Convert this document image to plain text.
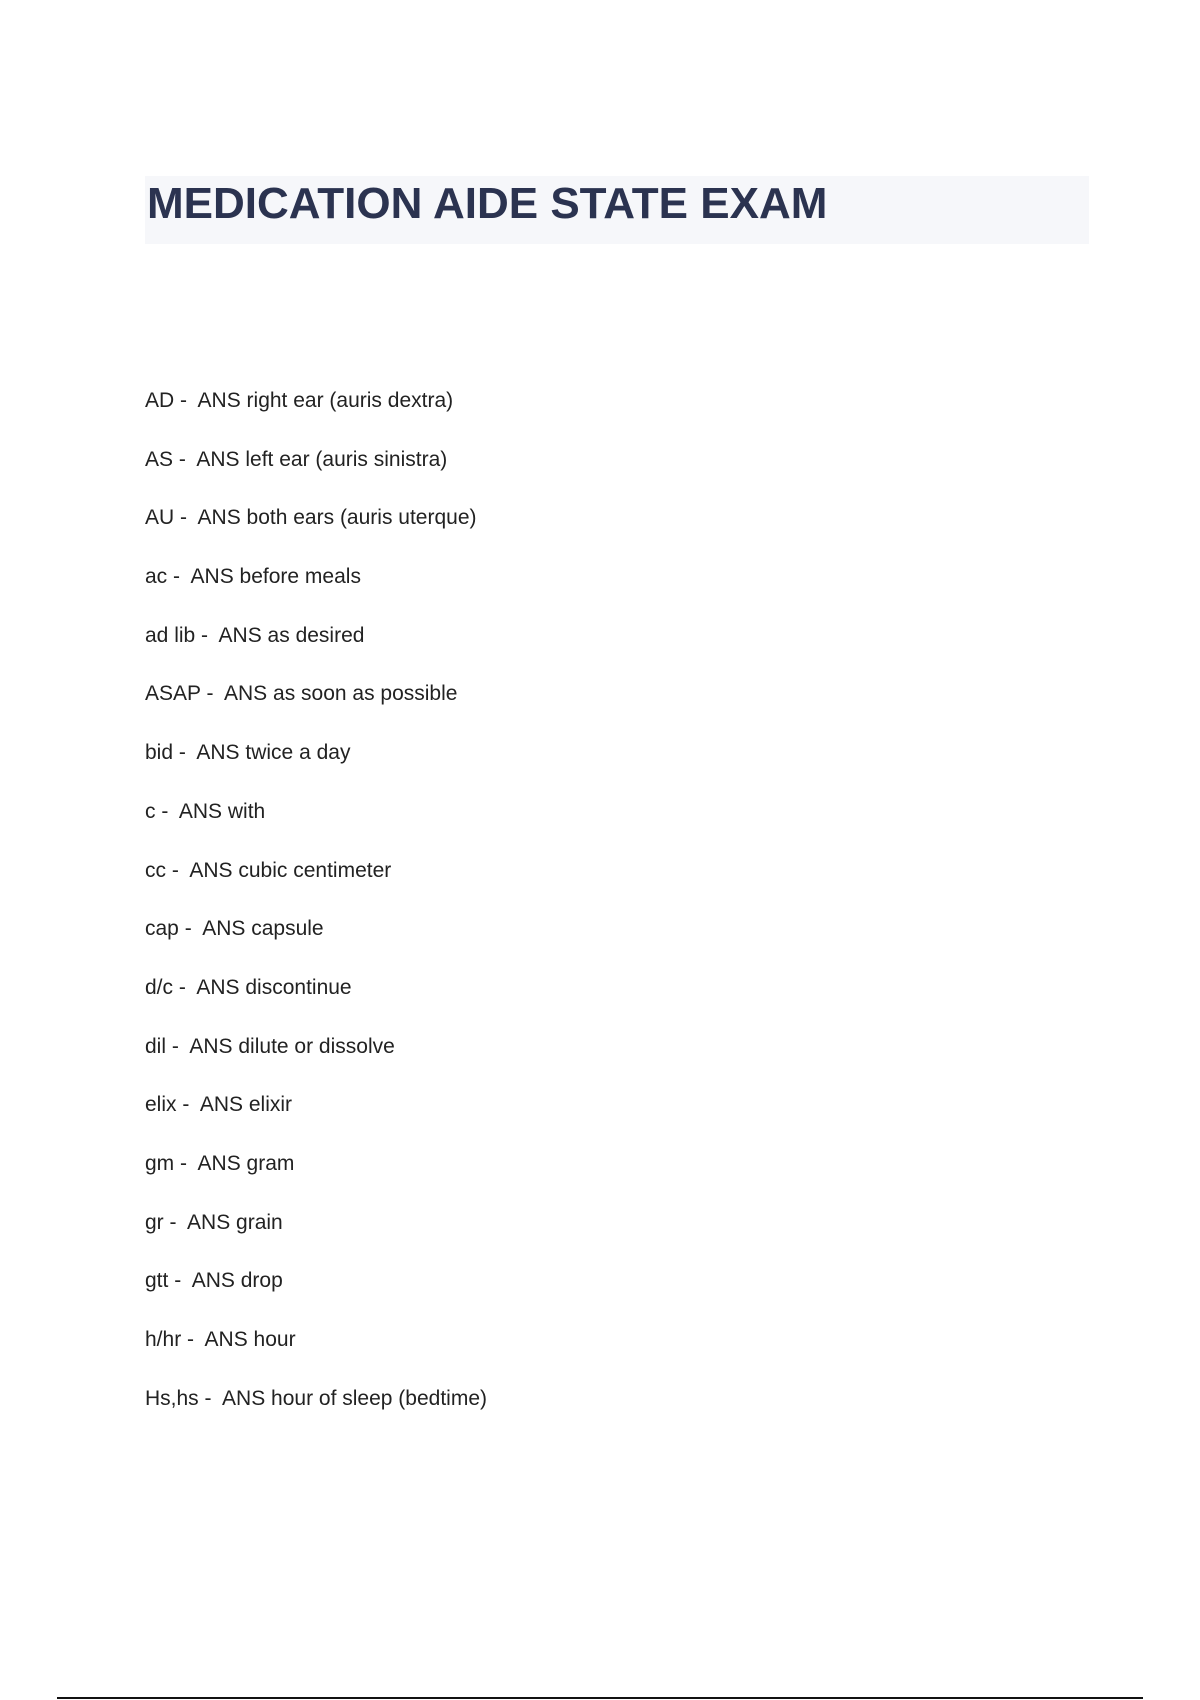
MEDICATION AIDE STATE EXAM
AD -  ANS right ear (auris dextra)
AS -  ANS left ear (auris sinistra)
AU -  ANS both ears (auris uterque)
ac -  ANS before meals
ad lib -  ANS as desired
ASAP -  ANS as soon as possible
bid -  ANS twice a day
c -  ANS with
cc -  ANS cubic centimeter
cap -  ANS capsule
d/c -  ANS discontinue
dil -  ANS dilute or dissolve
elix -  ANS elixir
gm -  ANS gram
gr -  ANS grain
gtt -  ANS drop
h/hr -  ANS hour
Hs,hs -  ANS hour of sleep (bedtime)
